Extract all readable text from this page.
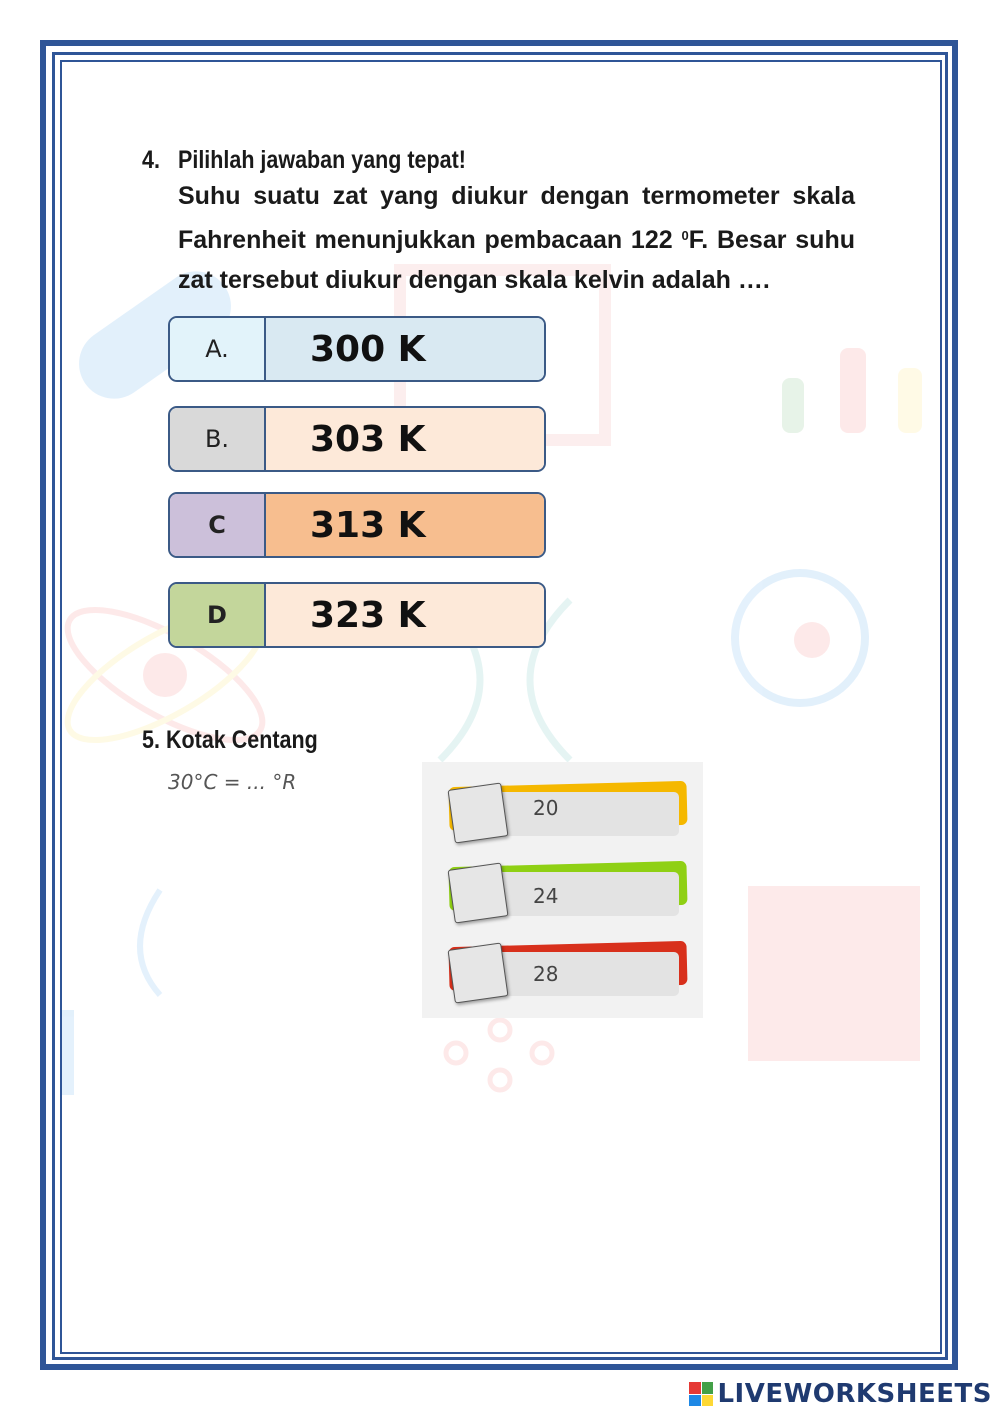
4. Pilihlah jawaban yang tepat!
Suhu suatu zat yang diukur dengan termometer skala
Fahrenheit menunjukkan pembacaan 122 $^0$F. Besar suhu
zat tersebut diukur dengan skala kelvin adalah ….
A.	300 K
B.	303 K
C	313 K
D	323 K
5. Kotak Centang
30°C = ... °R
20
24
28
LIVEWORKSHEETS
